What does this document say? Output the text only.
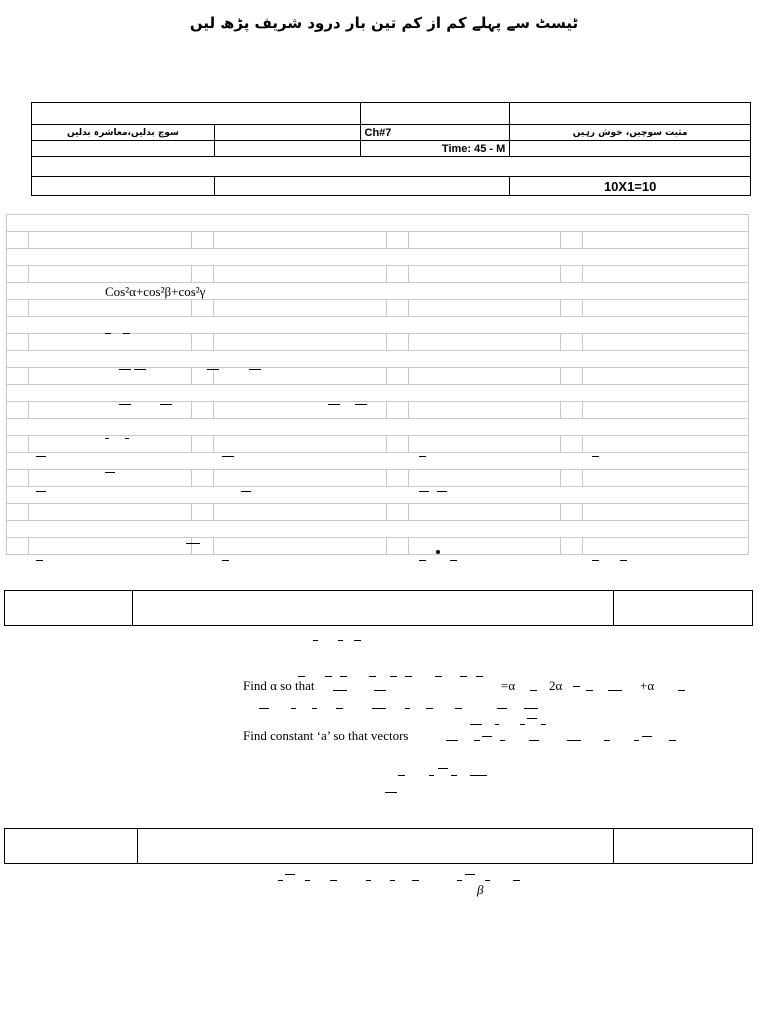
ٹیسٹ سے پہلے کم از کم تین بار درود شریف پڑھ لیں

سوچ بدلیں،معاشرہ بدلیں		Ch#7	مثبت سوچیں، خوش رہیں
		Time: 45 - M	

			10X1=10

Cos²α+cos²β+cos²γ

Find α so that	=α	2α	+α
Find constant ‘a’ so that vectors

β
